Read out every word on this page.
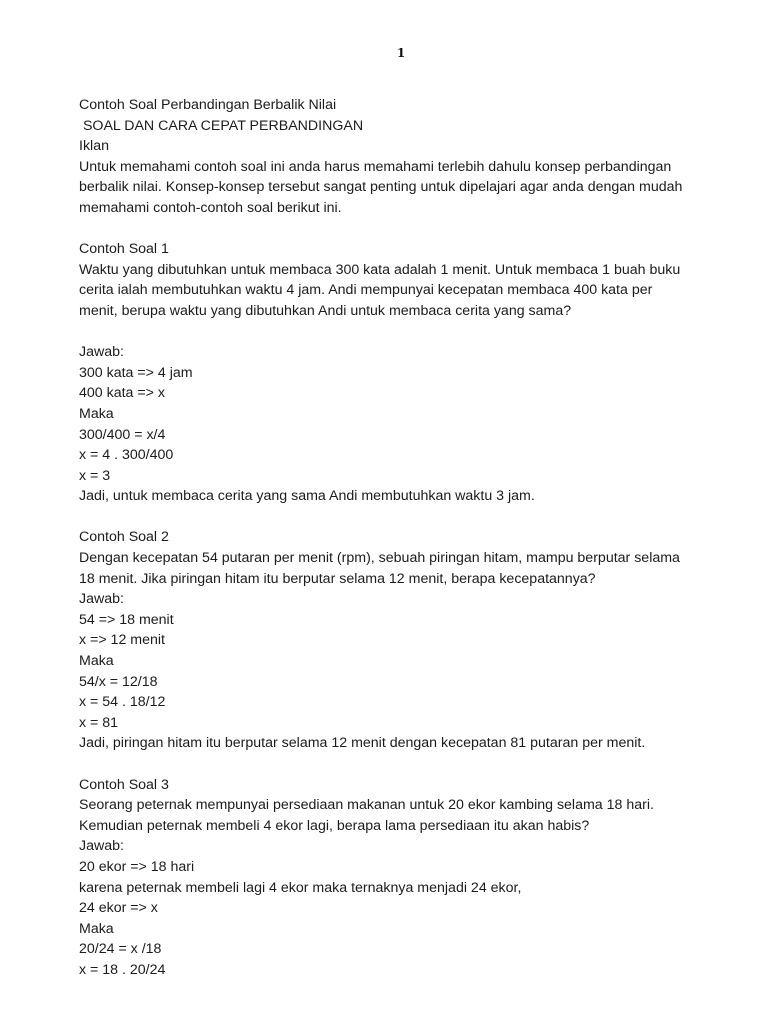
1
Contoh Soal Perbandingan Berbalik Nilai
SOAL DAN CARA CEPAT PERBANDINGAN
Iklan
Untuk memahami contoh soal ini anda harus memahami terlebih dahulu konsep perbandingan
berbalik nilai. Konsep-konsep tersebut sangat penting untuk dipelajari agar anda dengan mudah
memahami contoh-contoh soal berikut ini.
Contoh Soal 1
Waktu yang dibutuhkan untuk membaca 300 kata adalah 1 menit. Untuk membaca 1 buah buku
cerita ialah membutuhkan waktu 4 jam. Andi mempunyai kecepatan membaca 400 kata per
menit, berupa waktu yang dibutuhkan Andi untuk membaca cerita yang sama?
Jawab:
300 kata => 4 jam
400 kata => x
Maka
300/400 = x/4
x = 4 . 300/400
x = 3
Jadi, untuk membaca cerita yang sama Andi membutuhkan waktu 3 jam.
Contoh Soal 2
Dengan kecepatan 54 putaran per menit (rpm), sebuah piringan hitam, mampu berputar selama
18 menit. Jika piringan hitam itu berputar selama 12 menit, berapa kecepatannya?
Jawab:
54 => 18 menit
x => 12 menit
Maka
54/x = 12/18
x = 54 . 18/12
x = 81
Jadi, piringan hitam itu berputar selama 12 menit dengan kecepatan 81 putaran per menit.
Contoh Soal 3
Seorang peternak mempunyai persediaan makanan untuk 20 ekor kambing selama 18 hari.
Kemudian peternak membeli 4 ekor lagi, berapa lama persediaan itu akan habis?
Jawab:
20 ekor => 18 hari
karena peternak membeli lagi 4 ekor maka ternaknya menjadi 24 ekor,
24 ekor => x
Maka
20/24 = x /18
x = 18 . 20/24
